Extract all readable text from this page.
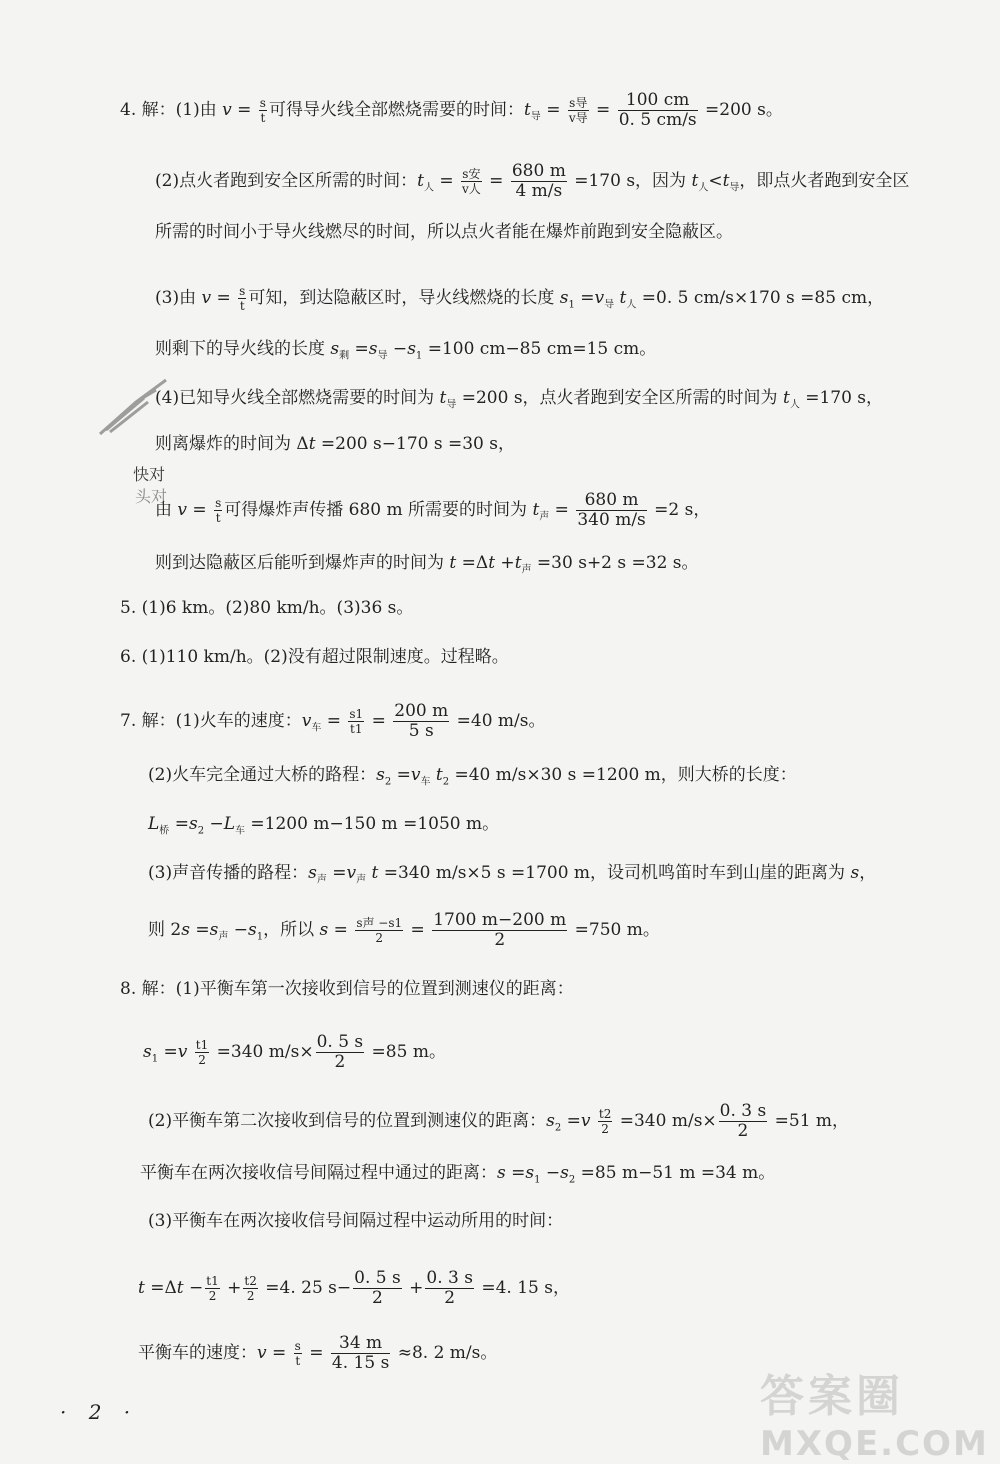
4. 解：(1)由 $v = \frac{s}{t}$ 可得导火线全部燃烧需要的时间：$t_导 = \frac{\text{s导}}{\text{v导}} = \frac{100 cm}{0. 5 cm/s} =200$ s。
(2)点火者跑到安全区所需的时间：$t_人 = \frac{\text{s安}}{\text{v人}} = \frac{680 m}{4 m/s} =170$ s，因为 $t_人<t_导$，即点火者跑到安全区
所需的时间小于导火线燃尽的时间，所以点火者能在爆炸前跑到安全隐蔽区。
(3)由 $v = \frac{s}{t}$ 可知，到达隐蔽区时，导火线燃烧的长度 $s_1 =v_导$ $t_人 =0$. 5 cm/s×170 s =85 cm，
则剩下的导火线的长度 $s_剩 =s_导 -s_1 =100$ cm−85 cm=15 cm。
(4)已知导火线全部燃烧需要的时间为 $t_导 =200$ s，点火者跑到安全区所需的时间为 $t_人 =170$ s，
则离爆炸的时间为 Δt =200 s−170 s =30 s，
由 $v = \frac{s}{t}$ 可得爆炸声传播 680 m 所需要的时间为 $t_声 = \frac{680 m}{340 m/s} =2$ s，
则到达隐蔽区后能听到爆炸声的时间为 $t =\Delta t +t_声 =30$ s+2 s =32 s。
5. (1)6 km。(2)80 km/h。(3)36 s。
6. (1)110 km/h。(2)没有超过限制速度。过程略。
7. 解：(1)火车的速度：$v_车 = \frac{s1}{t1} = \frac{200 m}{5 s} =40$ m/s。
(2)火车完全通过大桥的路程：$s_2 =v_车$ $t_2 =40$ m/s×30 s =1200 m，则大桥的长度：
$L_桥 =s_2 -L_车 =1200$ m−150 m =1050 m。
(3)声音传播的路程：$s_声 =v_声$ t =340 m/s×5 s =1700 m，设司机鸣笛时车到山崖的距离为 s，
则 $2s =s_声 -s_1$，所以 $s = \frac{\text{s声 −s1}}{2} = \frac{1700 m-200 m}{2} =750$ m。
8. 解：(1)平衡车第一次接收到信号的位置到测速仪的距离：
$s_1 =v \frac{t1}{2} =340$ $m/s\times \frac{0. 5 s}{2} =85$ m。
(2)平衡车第二次接收到信号的位置到测速仪的距离：$s_2 =v \frac{t2}{2} =340$ $m/s\times \frac{0. 3 s}{2} =51$ m，
平衡车在两次接收信号间隔过程中通过的距离：$s =s_1 -s_2 =85$ m−51 m =34 m。
(3)平衡车在两次接收信号间隔过程中运动所用的时间：
$t =\Delta t - \frac{t1}{2} + \frac{t2}{2} =4$. 25 $s- \frac{0. 5 s}{2} + \frac{0. 3 s}{2} =4$. 15 s，
平衡车的速度：$v = \frac{s}{t} = \frac{34 m}{4. 15 s} \approx 8$. 2 m/s。
快对
头对
· 2 ·	答案圈
MXQE.COM
